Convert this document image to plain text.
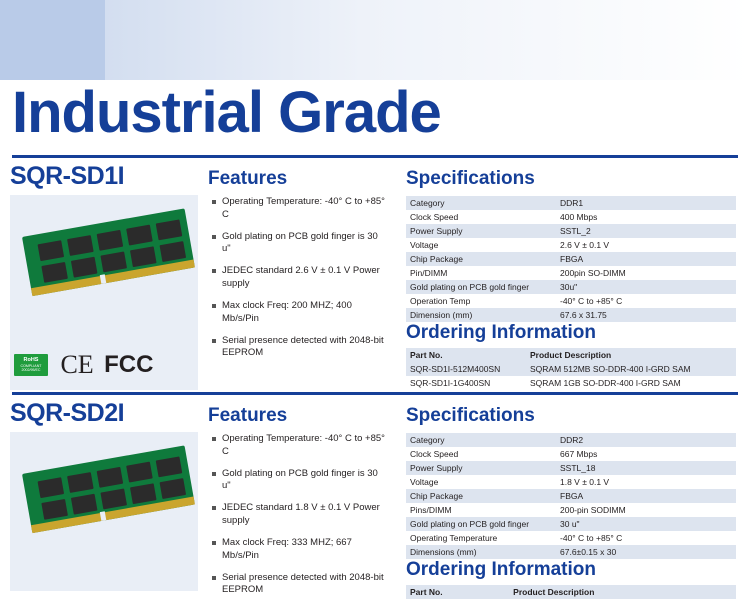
Industrial Grade
SQR-SD1I
RoHS
COMPLIANT
2002/95/EC CE FCC
Features
Operating Temperature: -40° C to +85° C
Gold plating on PCB gold finger is 30 u"
JEDEC standard 2.6 V ± 0.1 V Power supply
Max clock Freq: 200 MHZ; 400 Mb/s/Pin
Serial presence detected with 2048-bit EEPROM
Specifications
Category	DDR1
Clock Speed	400 Mbps
Power Supply	SSTL_2
Voltage	2.6 V ± 0.1 V
Chip Package	FBGA
Pin/DIMM	200pin SO-DIMM
Gold plating on PCB gold finger	30u"
Operation Temp	-40° C to +85° C
Dimension (mm)	67.6 x 31.75
Ordering Information
Part No.	Product Description
SQR-SD1I-512M400SN	SQRAM 512MB SO-DDR-400 I-GRD SAM
SQR-SD1I-1G400SN	SQRAM 1GB SO-DDR-400 I-GRD SAM
SQR-SD2I	Features
Operating Temperature: -40° C to +85° C
Gold plating on PCB gold finger is 30 u"
JEDEC standard 1.8 V ± 0.1 V Power supply
Max clock Freq: 333 MHZ; 667 Mb/s/Pin
Serial presence detected with 2048-bit EEPROM
Specifications
Category	DDR2
Clock Speed	667 Mbps
Power Supply	SSTL_18
Voltage	1.8 V ± 0.1 V
Chip Package	FBGA
Pins/DIMM	200-pin SODIMM
Gold plating on PCB gold finger	30 u"
Operating Temperature	-40° C to +85° C
Dimensions (mm)	67.6±0.15 x 30
Ordering Information
Part No.	Product Description
